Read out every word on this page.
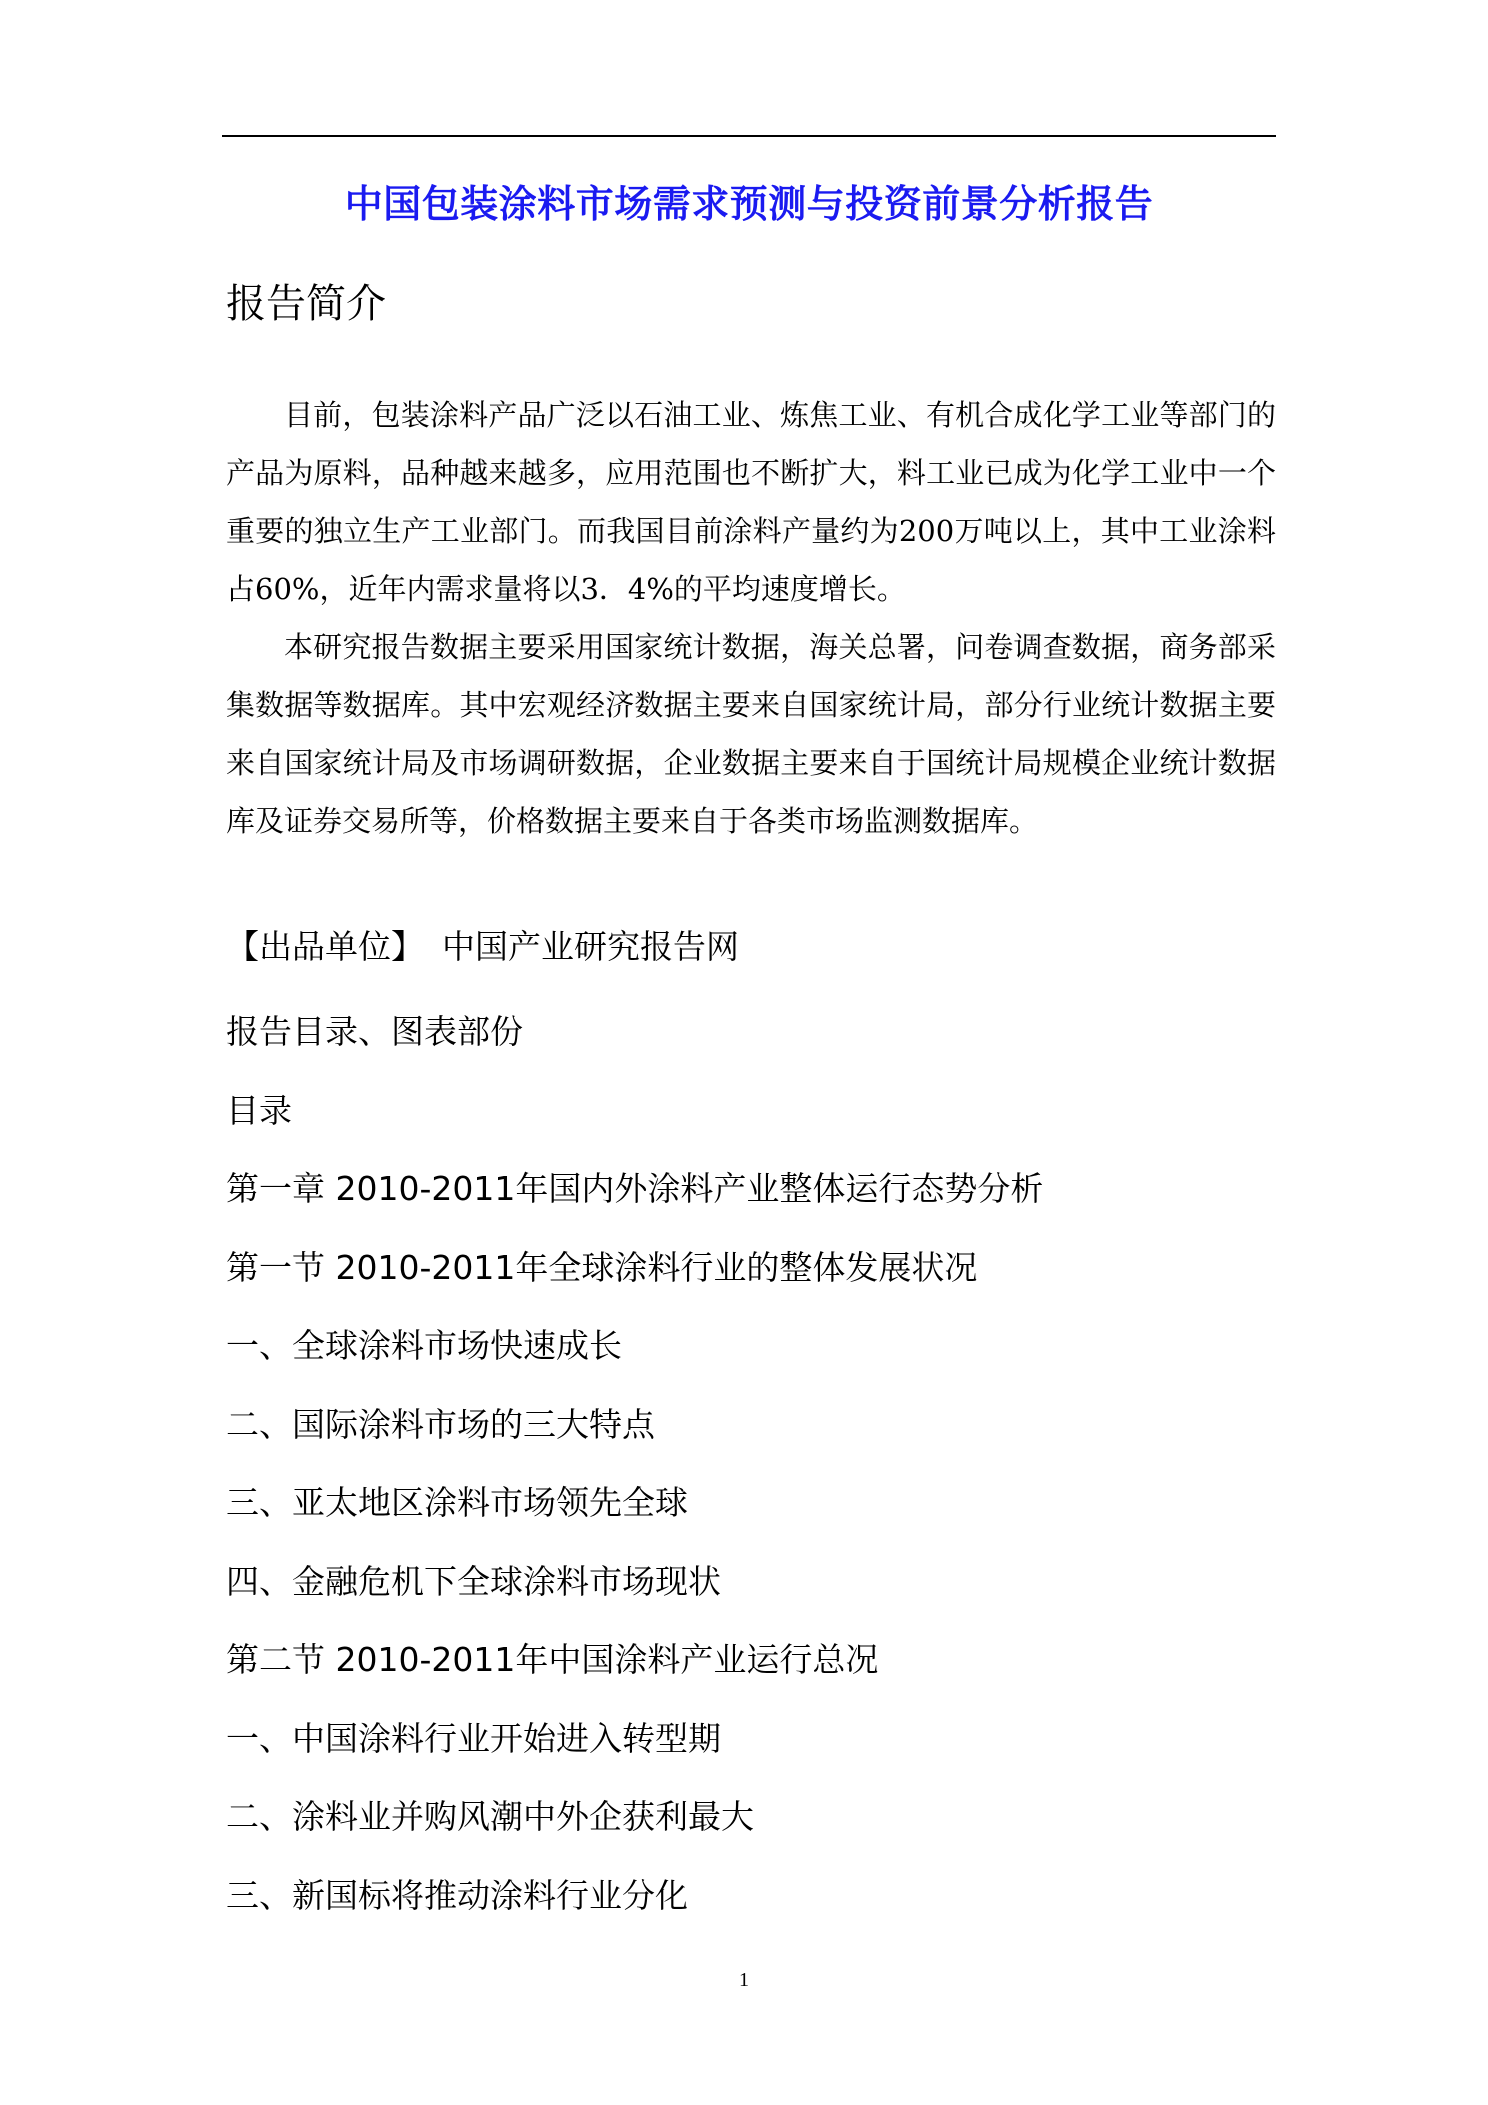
中国包装涂料市场需求预测与投资前景分析报告
报告简介

目前，包装涂料产品广泛以石油工业、炼焦工业、有机合成化学工业等部门的产品为原料，品种越来越多，应用范围也不断扩大，料工业已成为化学工业中一个重要的独立生产工业部门。而我国目前涂料产量约为200万吨以上，其中工业涂料占60%，近年内需求量将以3．4%的平均速度增长。

本研究报告数据主要采用国家统计数据，海关总署，问卷调查数据，商务部采集数据等数据库。其中宏观经济数据主要来自国家统计局，部分行业统计数据主要来自国家统计局及市场调研数据，企业数据主要来自于国统计局规模企业统计数据库及证券交易所等，价格数据主要来自于各类市场监测数据库。

【出品单位】 中国产业研究报告网
报告目录、图表部份
目录
第一章 2010-2011年国内外涂料产业整体运行态势分析
第一节 2010-2011年全球涂料行业的整体发展状况
一、全球涂料市场快速成长
二、国际涂料市场的三大特点
三、亚太地区涂料市场领先全球
四、金融危机下全球涂料市场现状
第二节 2010-2011年中国涂料产业运行总况
一、中国涂料行业开始进入转型期
二、涂料业并购风潮中外企获利最大
三、新国标将推动涂料行业分化
1
